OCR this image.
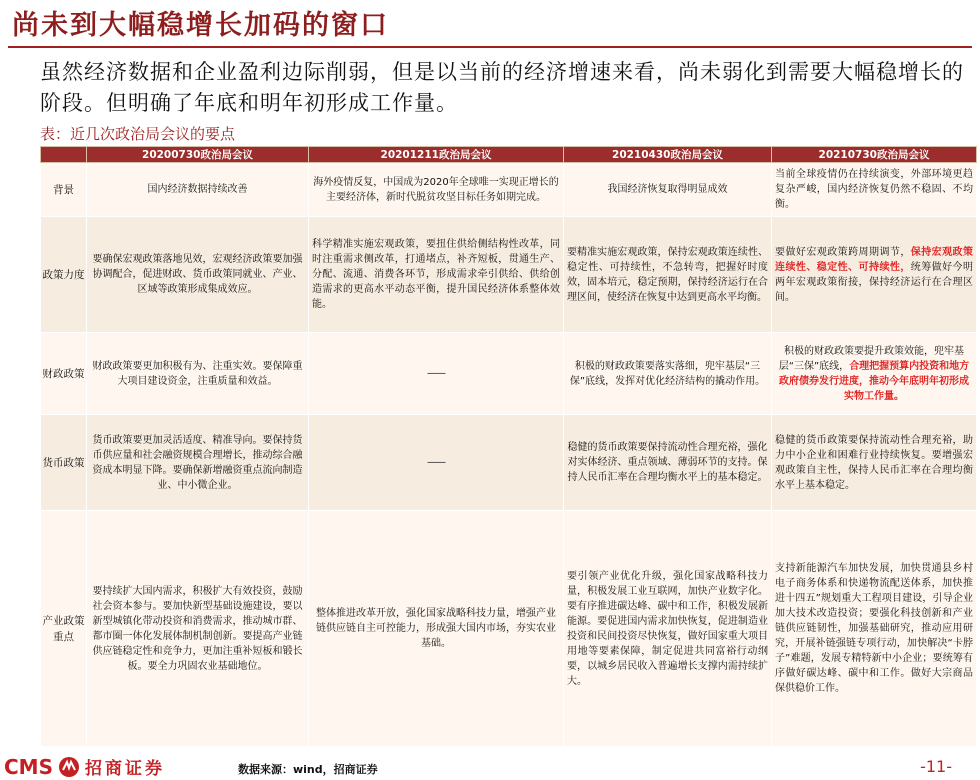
尚未到大幅稳增长加码的窗口
虽然经济数据和企业盈利边际削弱，但是以当前的经济增速来看，尚未弱化到需要大幅稳增长的阶段。但明确了年底和明年初形成工作量。
表：近几次政治局会议的要点
	20200730政治局会议	20201211政治局会议	20210430政治局会议	20210730政治局会议
背景	国内经济数据持续改善	海外疫情反复，中国成为2020年全球唯一实现正增长的主要经济体，新时代脱贫攻坚目标任务如期完成。	我国经济恢复取得明显成效	当前全球疫情仍在持续演变，外部环境更趋复杂严峻，国内经济恢复仍然不稳固、不均衡。
政策力度	要确保宏观政策落地见效，宏观经济政策要加强协调配合，促进财政、货币政策同就业、产业、区域等政策形成集成效应。	科学精准实施宏观政策，要扭住供给侧结构性改革，同时注重需求侧改革，打通堵点，补齐短板，贯通生产、分配、流通、消费各环节，形成需求牵引供给、供给创造需求的更高水平动态平衡，提升国民经济体系整体效能。	要精准实施宏观政策，保持宏观政策连续性、稳定性、可持续性，不急转弯，把握好时度效，固本培元，稳定预期，保持经济运行在合理区间，使经济在恢复中达到更高水平均衡。	要做好宏观政策跨周期调节，保持宏观政策连续性、稳定性、可持续性，统筹做好今明两年宏观政策衔接，保持经济运行在合理区间。
财政政策	财政政策要更加积极有为、注重实效。要保障重大项目建设资金，注重质量和效益。	——	积极的财政政策要落实落细，兜牢基层“三保”底线，发挥对优化经济结构的撬动作用。	积极的财政政策要提升政策效能，兜牢基层“三保”底线，合理把握预算内投资和地方政府债券发行进度，推动今年底明年初形成实物工作量。
货币政策	货币政策要更加灵活适度、精准导向。要保持货币供应量和社会融资规模合理增长，推动综合融资成本明显下降。要确保新增融资重点流向制造业、中小微企业。	——	稳健的货币政策要保持流动性合理充裕，强化对实体经济、重点领域、薄弱环节的支持。保持人民币汇率在合理均衡水平上的基本稳定。	稳健的货币政策要保持流动性合理充裕，助力中小企业和困难行业持续恢复。要增强宏观政策自主性，保持人民币汇率在合理均衡水平上基本稳定。
产业政策重点	要持续扩大国内需求，积极扩大有效投资，鼓励社会资本参与。要加快新型基础设施建设，要以新型城镇化带动投资和消费需求，推动城市群、都市圈一体化发展体制机制创新。要提高产业链供应链稳定性和竞争力，更加注重补短板和锻长板。要全力巩固农业基础地位。	整体推进改革开放，强化国家战略科技力量，增强产业链供应链自主可控能力，形成强大国内市场，夯实农业基础。	要引领产业优化升级，强化国家战略科技力量，积极发展工业互联网，加快产业数字化。要有序推进碳达峰、碳中和工作，积极发展新能源。要促进国内需求加快恢复，促进制造业投资和民间投资尽快恢复，做好国家重大项目用地等要素保障，制定促进共同富裕行动纲要，以城乡居民收入普遍增长支撑内需持续扩大。	支持新能源汽车加快发展，加快贯通县乡村电子商务体系和快递物流配送体系，加快推进十四五”规划重大工程项目建设，引导企业加大技术改造投资；要强化科技创新和产业链供应链韧性，加强基础研究，推动应用研究，开展补链强链专项行动，加快解决“卡脖子”难题，发展专精特新中小企业；要统筹有序做好碳达峰、碳中和工作。做好大宗商品保供稳价工作。
CMS 招商证券	数据来源：wind，招商证券	-11-
